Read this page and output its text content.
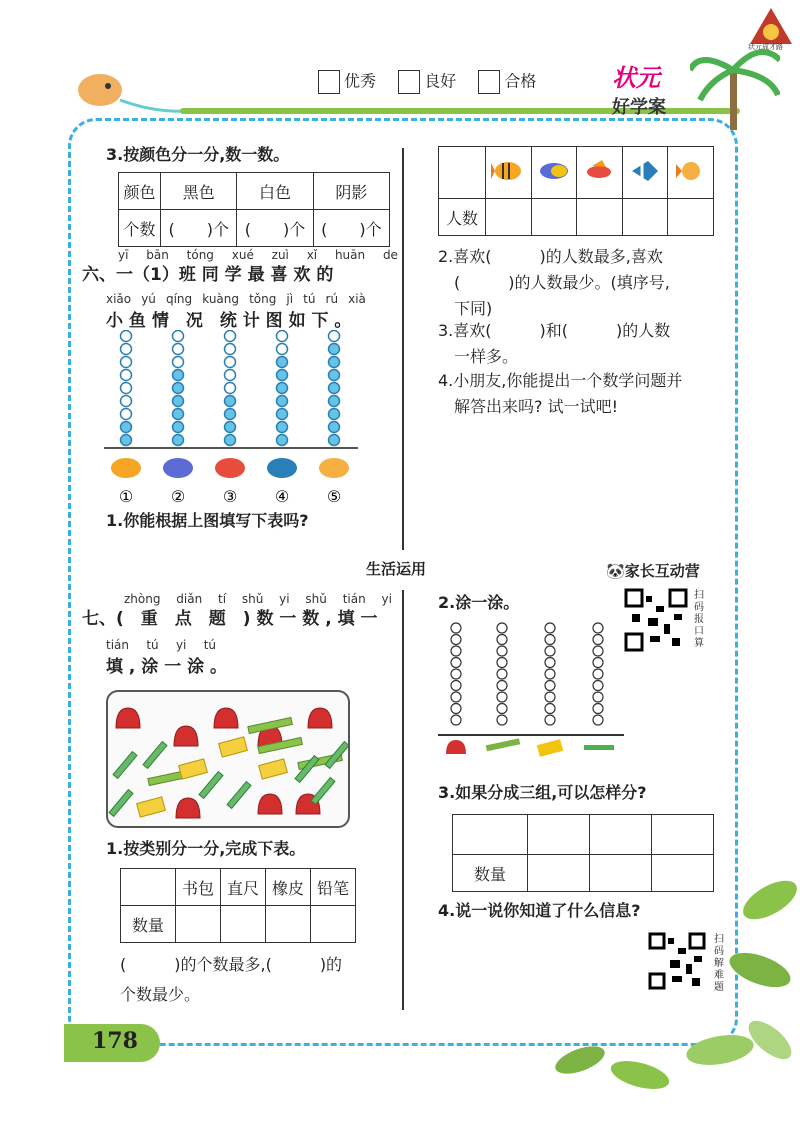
状元成才路
优秀	良好	合格	状元
好学案
3.按颜色分一分,数一数。
颜色	黑色	白色	阴影
个数	(　　)个	(　　)个	(　　)个
yī bān tóng xué zuì xǐ huān de
六、一（1）班 同 学 最 喜 欢 的
xiǎo yú qíng kuàng tǒng jì tú rú xià
小 鱼 情　况　统 计 图 如 下 。
① ② ③ ④ ⑤
1.你能根据上图填写下表吗?

人数					
2.喜欢(　　　)的人数最多,喜欢
(　　　)的人数最少。(填序号,
下同)
3.喜欢(　　　)和(　　　)的人数
一样多。
4.小朋友,你能提出一个数学问题并
解答出来吗? 试一试吧!
生活运用	🐼家长互动营
扫码报口算
zhòng diǎn tí shǔ yi shǔ tián yi
七、(　重　点　题　) 数 一 数 , 填 一
tián tú yi tú
填 , 涂 一 涂 。
1.按类别分一分,完成下表。
	书包	直尺	橡皮	铅笔
数量				
(　　　)的个数最多,(　　　)的
个数最少。
2.涂一涂。
3.如果分成三组,可以怎样分?

数量			
4.说一说你知道了什么信息?
扫码解难题
178
